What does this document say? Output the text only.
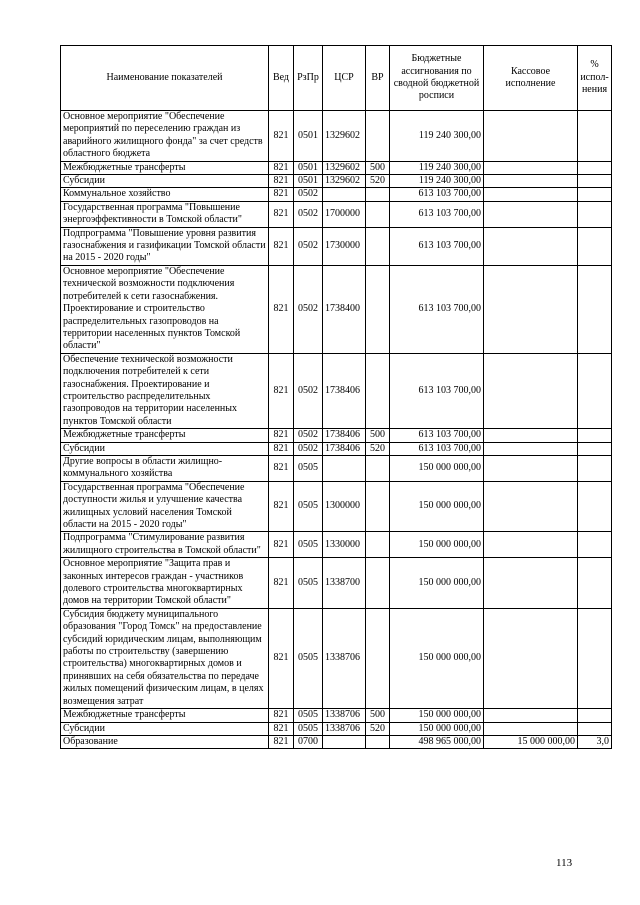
Наименование показателей	Вед	РзПр	ЦСР	ВР	Бюджетные ассигнования по сводной бюджетной росписи	Кассовое исполнение	% испол-нения
Основное мероприятие "Обеспечение мероприятий по переселению граждан из аварийного жилищного фонда" за счет средств областного бюджета	821	0501	1329602		119 240 300,00		
Межбюджетные трансферты	821	0501	1329602	500	119 240 300,00		
Субсидии	821	0501	1329602	520	119 240 300,00		
Коммунальное хозяйство	821	0502			613 103 700,00		
Государственная программа "Повышение энергоэффективности в Томской области"	821	0502	1700000		613 103 700,00		
Подпрограмма "Повышение уровня развития газоснабжения и газификации Томской области на 2015 - 2020 годы"	821	0502	1730000		613 103 700,00		
Основное мероприятие "Обеспечение технической возможности подключения потребителей к сети газоснабжения. Проектирование и строительство распределительных газопроводов на территории населенных пунктов Томской области"	821	0502	1738400		613 103 700,00		
Обеспечение технической возможности подключения потребителей к сети газоснабжения. Проектирование и строительство распределительных газопроводов на территории населенных пунктов Томской области	821	0502	1738406		613 103 700,00		
Межбюджетные трансферты	821	0502	1738406	500	613 103 700,00		
Субсидии	821	0502	1738406	520	613 103 700,00		
Другие вопросы в области жилищно-коммунального хозяйства	821	0505			150 000 000,00		
Государственная программа "Обеспечение доступности жилья и улучшение качества жилищных условий населения Томской области на 2015 - 2020 годы"	821	0505	1300000		150 000 000,00		
Подпрограмма "Стимулирование развития жилищного строительства в Томской области"	821	0505	1330000		150 000 000,00		
Основное мероприятие "Защита прав и законных интересов граждан - участников долевого строительства многоквартирных домов на территории Томской области"	821	0505	1338700		150 000 000,00		
Субсидия бюджету муниципального образования "Город Томск" на предоставление субсидий юридическим лицам, выполняющим работы по строительству (завершению строительства) многоквартирных домов и принявших на себя обязательства по передаче жилых помещений физическим лицам, в целях возмещения затрат	821	0505	1338706		150 000 000,00		
Межбюджетные трансферты	821	0505	1338706	500	150 000 000,00		
Субсидии	821	0505	1338706	520	150 000 000,00		
Образование	821	0700			498 965 000,00	15 000 000,00	3,0
113
